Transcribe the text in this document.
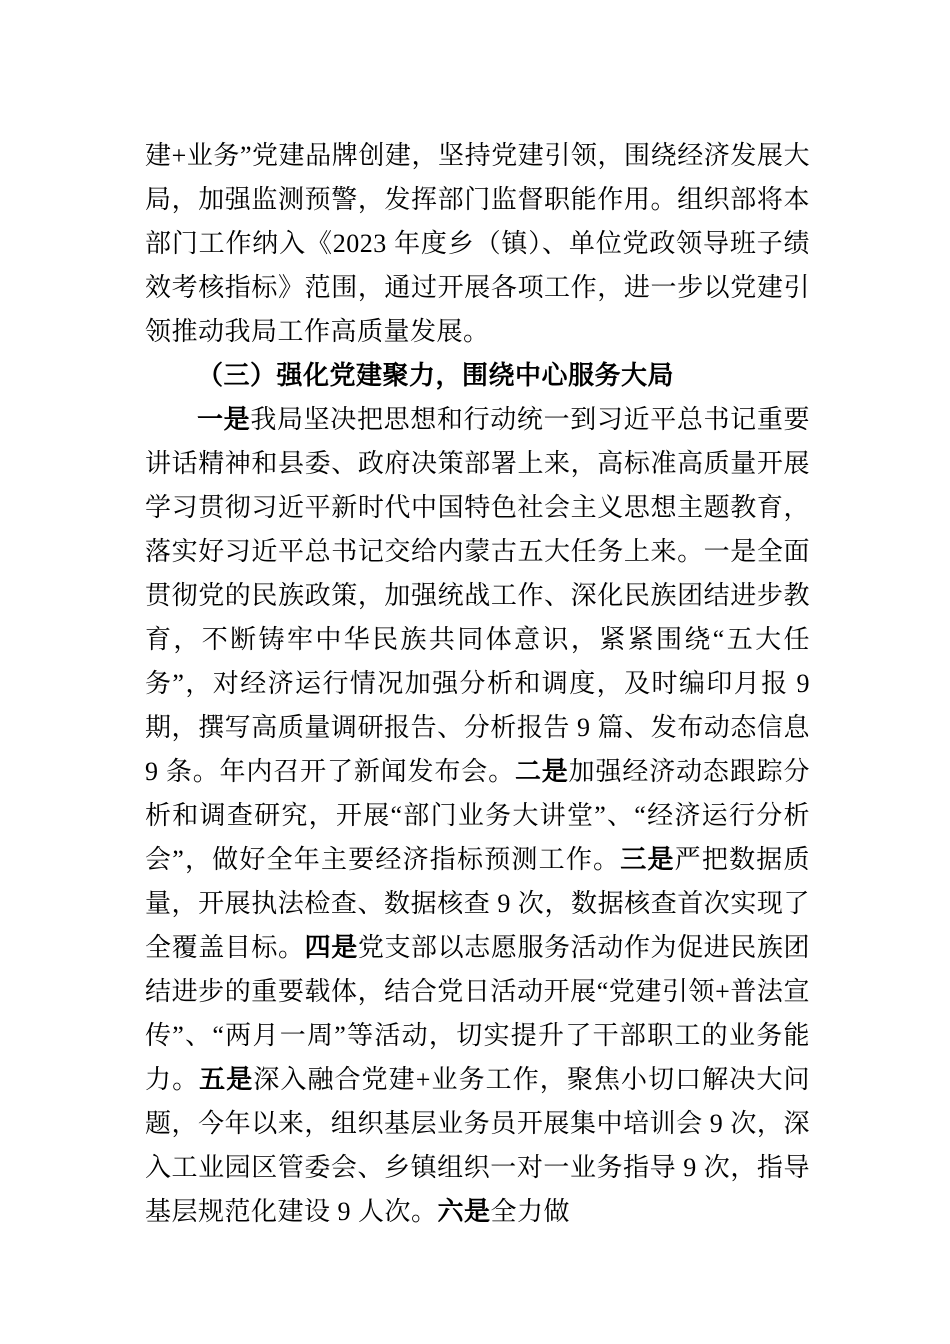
建+业务”党建品牌创建，坚持党建引领，围绕经济发展大局，加强监测预警，发挥部门监督职能作用。组织部将本部门工作纳入《2023 年度乡（镇）、单位党政领导班子绩效考核指标》范围，通过开展各项工作，进一步以党建引领推动我局工作高质量发展。

（三）强化党建聚力，围绕中心服务大局

一是我局坚决把思想和行动统一到习近平总书记重要讲话精神和县委、政府决策部署上来，高标准高质量开展学习贯彻习近平新时代中国特色社会主义思想主题教育，落实好习近平总书记交给内蒙古五大任务上来。一是全面贯彻党的民族政策，加强统战工作、深化民族团结进步教育，不断铸牢中华民族共同体意识，紧紧围绕“五大任务”，对经济运行情况加强分析和调度，及时编印月报 9 期，撰写高质量调研报告、分析报告 9 篇、发布动态信息 9 条。年内召开了新闻发布会。二是加强经济动态跟踪分析和调查研究，开展“部门业务大讲堂”、“经济运行分析会”，做好全年主要经济指标预测工作。三是严把数据质量，开展执法检查、数据核查 9 次，数据核查首次实现了全覆盖目标。四是党支部以志愿服务活动作为促进民族团结进步的重要载体，结合党日活动开展“党建引领+普法宣传”、“两月一周”等活动，切实提升了干部职工的业务能力。五是深入融合党建+业务工作，聚焦小切口解决大问题，今年以来，组织基层业务员开展集中培训会 9 次，深入工业园区管委会、乡镇组织一对一业务指导 9 次，指导基层规范化建设 9 人次。六是全力做
